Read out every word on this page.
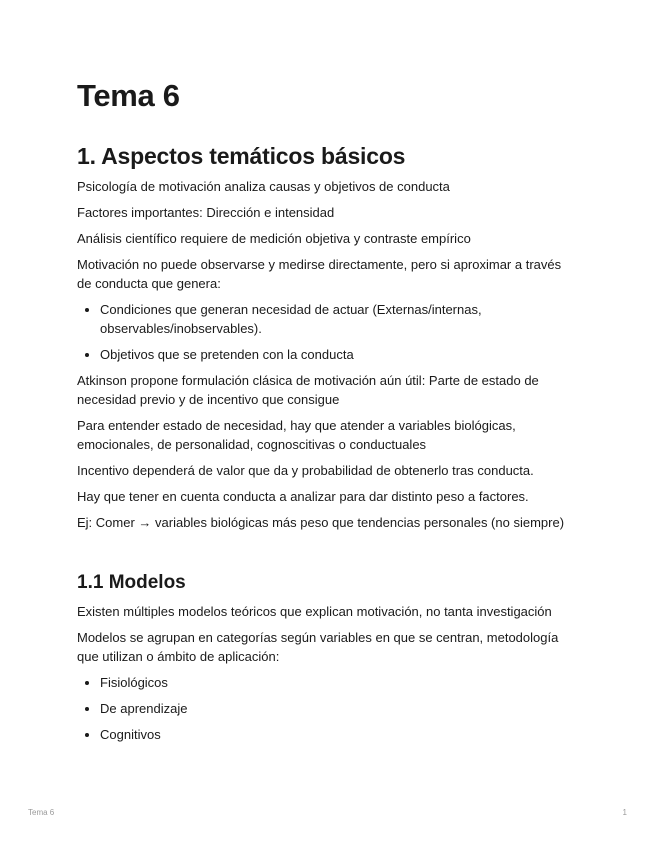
Tema 6
1. Aspectos temáticos básicos

Psicología de motivación analiza causas y objetivos de conducta

Factores importantes: Dirección e intensidad

Análisis científico requiere de medición objetiva y contraste empírico

Motivación no puede observarse y medirse directamente, pero si aproximar a través de conducta que genera:

• Condiciones que generan necesidad de actuar (Externas/internas, observables/inobservables).
• Objetivos que se pretenden con la conducta

Atkinson propone formulación clásica de motivación aún útil: Parte de estado de necesidad previo y de incentivo que consigue

Para entender estado de necesidad, hay que atender a variables biológicas, emocionales, de personalidad, cognoscitivas o conductuales

Incentivo dependerá de valor que da y probabilidad de obtenerlo tras conducta.

Hay que tener en cuenta conducta a analizar para dar distinto peso a factores.

Ej: Comer → variables biológicas más peso que tendencias personales (no siempre)

1.1 Modelos

Existen múltiples modelos teóricos que explican motivación, no tanta investigación

Modelos se agrupan en categorías según variables en que se centran, metodología que utilizan o ámbito de aplicación:

• Fisiológicos
• De aprendizaje
• Cognitivos
Tema 6	1
